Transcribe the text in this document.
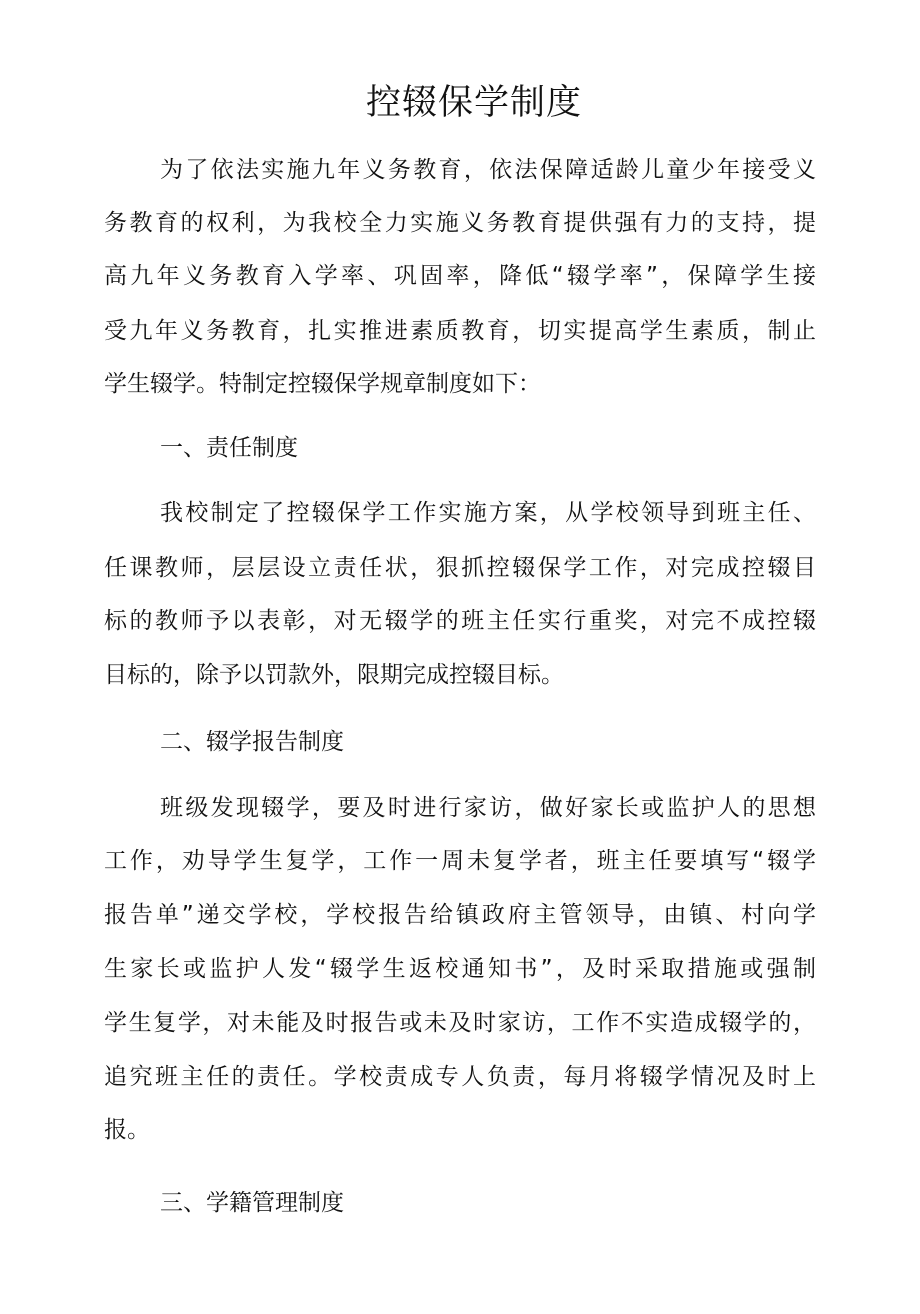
控辍保学制度
为了依法实施九年义务教育，依法保障适龄儿童少年接受义
务教育的权利，为我校全力实施义务教育提供强有力的支持，提
高九年义务教育入学率、巩固率，降低“辍学率”，保障学生接
受九年义务教育，扎实推进素质教育，切实提高学生素质，制止
学生辍学。特制定控辍保学规章制度如下：
一、责任制度
我校制定了控辍保学工作实施方案，从学校领导到班主任、
任课教师，层层设立责任状，狠抓控辍保学工作，对完成控辍目
标的教师予以表彰，对无辍学的班主任实行重奖，对完不成控辍
目标的，除予以罚款外，限期完成控辍目标。
二、辍学报告制度
班级发现辍学，要及时进行家访，做好家长或监护人的思想
工作，劝导学生复学，工作一周未复学者，班主任要填写“辍学
报告单”递交学校，学校报告给镇政府主管领导，由镇、村向学
生家长或监护人发“辍学生返校通知书”，及时采取措施或强制
学生复学，对未能及时报告或未及时家访，工作不实造成辍学的，
追究班主任的责任。学校责成专人负责，每月将辍学情况及时上
报。
三、学籍管理制度
